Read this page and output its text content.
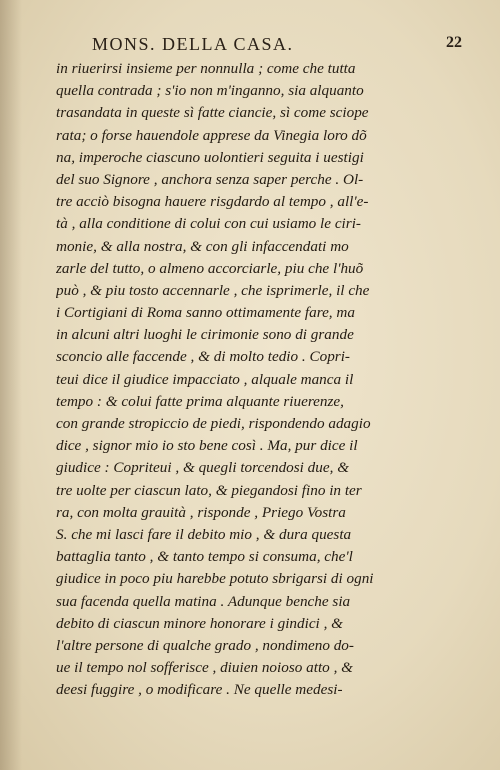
MONS. DELLA CASA.	22
in riuerirsi insieme per nonnulla ; come che tutta
quella contrada ; s'io non m'inganno, sia alquanto
trasandata in queste sì fatte ciancie, sì come sciope
rata; o forse hauendole apprese da Vinegia loro dõ
na, imperoche ciascuno uolontieri seguita i uestigi
del suo Signore , anchora senza saper perche . Ol-
tre acciò bisogna hauere risgdardo al tempo , all'e-
tà , alla conditione di colui con cui usiamo le ciri-
monie, & alla nostra, & con gli infaccendati mo
zarle del tutto, o almeno accorciarle, piu che l'huõ
può , & piu tosto accennarle , che isprimerle, il che
i Cortigiani di Roma sanno ottimamente fare, ma
in alcuni altri luoghi le cirimonie sono di grande
sconcio alle faccende , & di molto tedio . Copri-
teui dice il giudice impacciato , alquale manca il
tempo : & colui fatte prima alquante riuerenze,
con grande stropiccio de piedi, rispondendo adagio
dice , signor mio io sto bene così . Ma, pur dice il
giudice : Copriteui , & quegli torcendosi due, &
tre uolte per ciascun lato, & piegandosi fino in ter
ra, con molta grauità , risponde , Priego Vostra
S. che mi lasci fare il debito mio , & dura questa
battaglia tanto , & tanto tempo si consuma, che'l
giudice in poco piu harebbe potuto sbrigarsi di ogni
sua facenda quella matina . Adunque benche sia
debito di ciascun minore honorare i gindici , &
l'altre persone di qualche grado , nondimeno do-
ue il tempo nol sofferisce , diuien noioso atto , &
deesi fuggire , o modificare . Ne quelle medesi-
